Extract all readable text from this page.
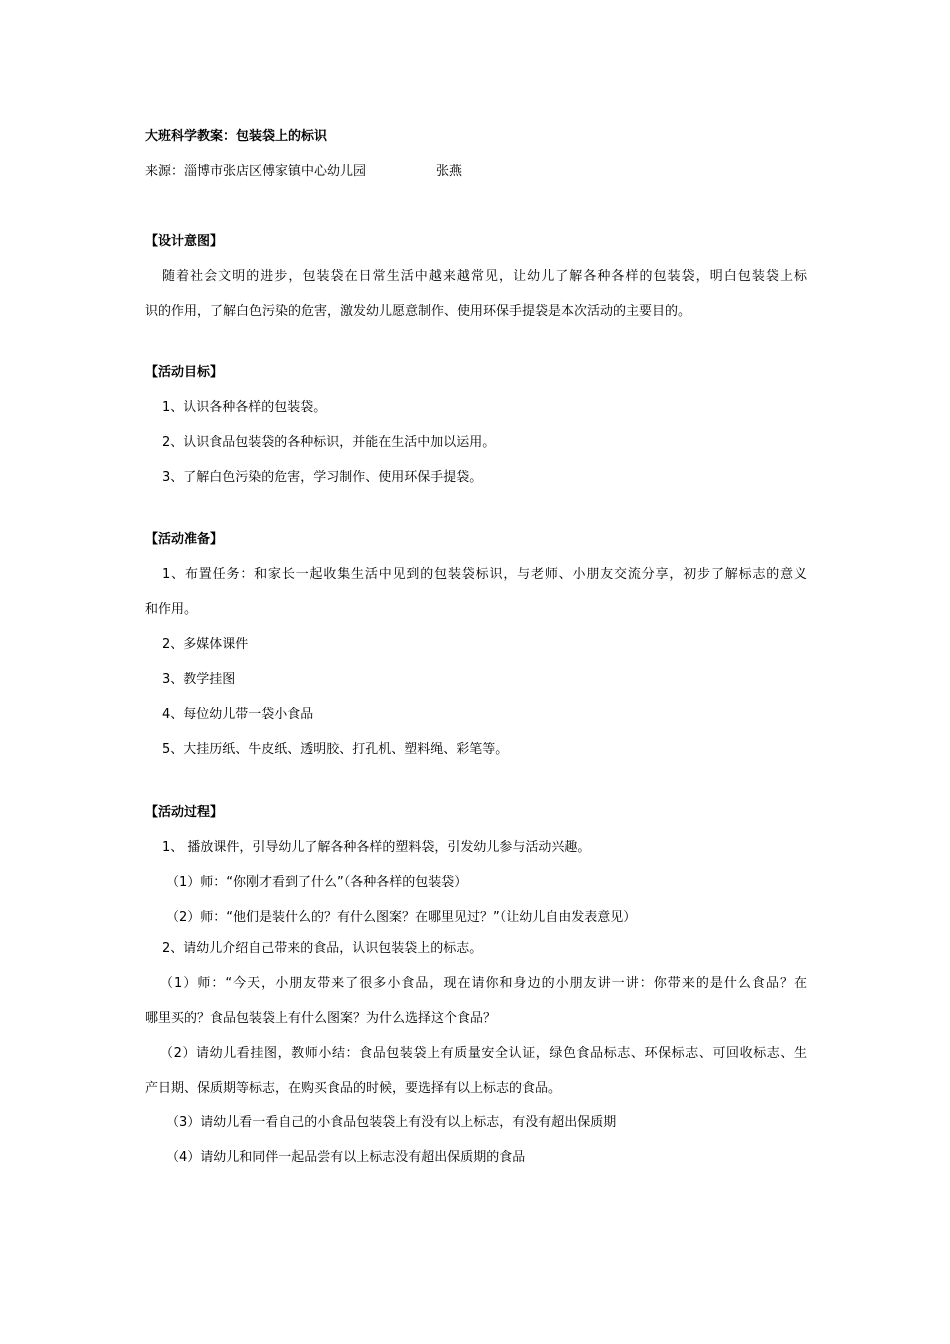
大班科学教案：包装袋上的标识
来源：淄博市张店区傅家镇中心幼儿园	张燕
【设计意图】
随着社会文明的进步，包装袋在日常生活中越来越常见，让幼儿了解各种各样的包装袋，明白包装袋上标
识的作用，了解白色污染的危害，激发幼儿愿意制作、使用环保手提袋是本次活动的主要目的。
【活动目标】
1、认识各种各样的包装袋。
2、认识食品包装袋的各种标识，并能在生活中加以运用。
3、了解白色污染的危害，学习制作、使用环保手提袋。
【活动准备】
1、布置任务：和家长一起收集生活中见到的包装袋标识，与老师、小朋友交流分享，初步了解标志的意义
和作用。
2、多媒体课件
3、教学挂图
4、每位幼儿带一袋小食品
5、大挂历纸、牛皮纸、透明胶、打孔机、塑料绳、彩笔等。
【活动过程】
1、 播放课件，引导幼儿了解各种各样的塑料袋，引发幼儿参与活动兴趣。
（1）师：“你刚才看到了什么”（各种各样的包装袋）
（2）师：“他们是装什么的？有什么图案？在哪里见过？”（让幼儿自由发表意见）
2、请幼儿介绍自己带来的食品，认识包装袋上的标志。
（1）师：“今天，小朋友带来了很多小食品，现在请你和身边的小朋友讲一讲：你带来的是什么食品？在
哪里买的？食品包装袋上有什么图案？为什么选择这个食品？
（2）请幼儿看挂图，教师小结：食品包装袋上有质量安全认证，绿色食品标志、环保标志、可回收标志、生
产日期、保质期等标志，在购买食品的时候，要选择有以上标志的食品。
（3）请幼儿看一看自己的小食品包装袋上有没有以上标志，有没有超出保质期
（4）请幼儿和同伴一起品尝有以上标志没有超出保质期的食品
